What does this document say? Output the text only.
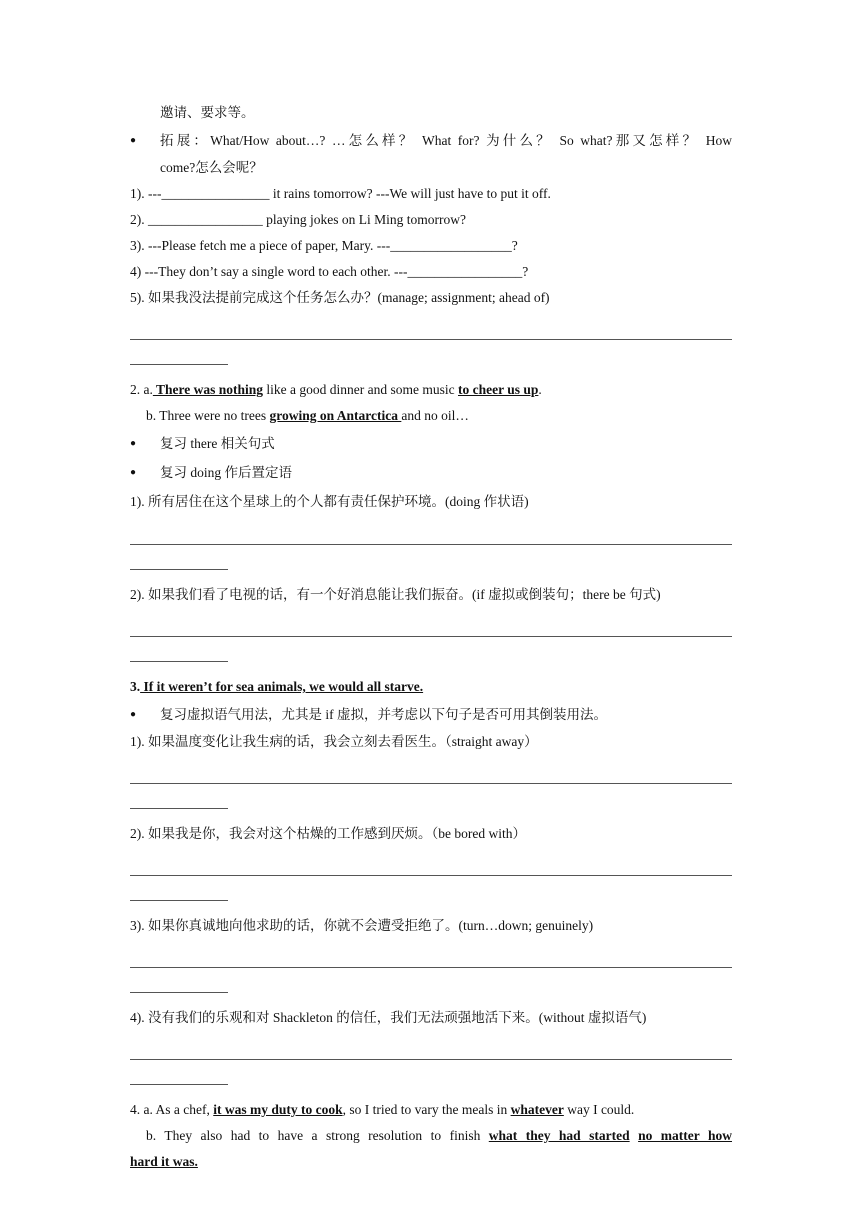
邀请、要求等。
●	拓展：What/How about…? …怎么样？ What for? 为什么？ So what?那又怎样？ How
come?怎么会呢？
1). ---________________ it rains tomorrow? ---We will just have to put it off.
2). _________________ playing jokes on Li Ming tomorrow?
3). ---Please fetch me a piece of paper, Mary. ---__________________?
4) ---They don’t say a single word to each other. ---_________________?
5). 如果我没法提前完成这个任务怎么办？(manage; assignment; ahead of)
2. a. There was nothing like a good dinner and some music to cheer us up.
b. Three were no trees growing on Antarctica and no oil…
● 复习 there 相关句式
● 复习 doing 作后置定语
1). 所有居住在这个星球上的个人都有责任保护环境。(doing 作状语)
2). 如果我们看了电视的话，有一个好消息能让我们振奋。(if 虚拟或倒装句；there be 句式)
3. If it weren’t for sea animals, we would all starve.
● 复习虚拟语气用法，尤其是 if 虚拟，并考虑以下句子是否可用其倒装用法。
1). 如果温度变化让我生病的话，我会立刻去看医生。（straight away）
2). 如果我是你，我会对这个枯燥的工作感到厌烦。（be bored with）
3). 如果你真诚地向他求助的话，你就不会遭受拒绝了。(turn…down; genuinely)
4). 没有我们的乐观和对 Shackleton 的信任，我们无法顽强地活下来。(without 虚拟语气)
4. a. As a chef, it was my duty to cook, so I tried to vary the meals in whatever way I could.
b. They also had to have a strong resolution to finish what they had started no matter how
hard it was.
